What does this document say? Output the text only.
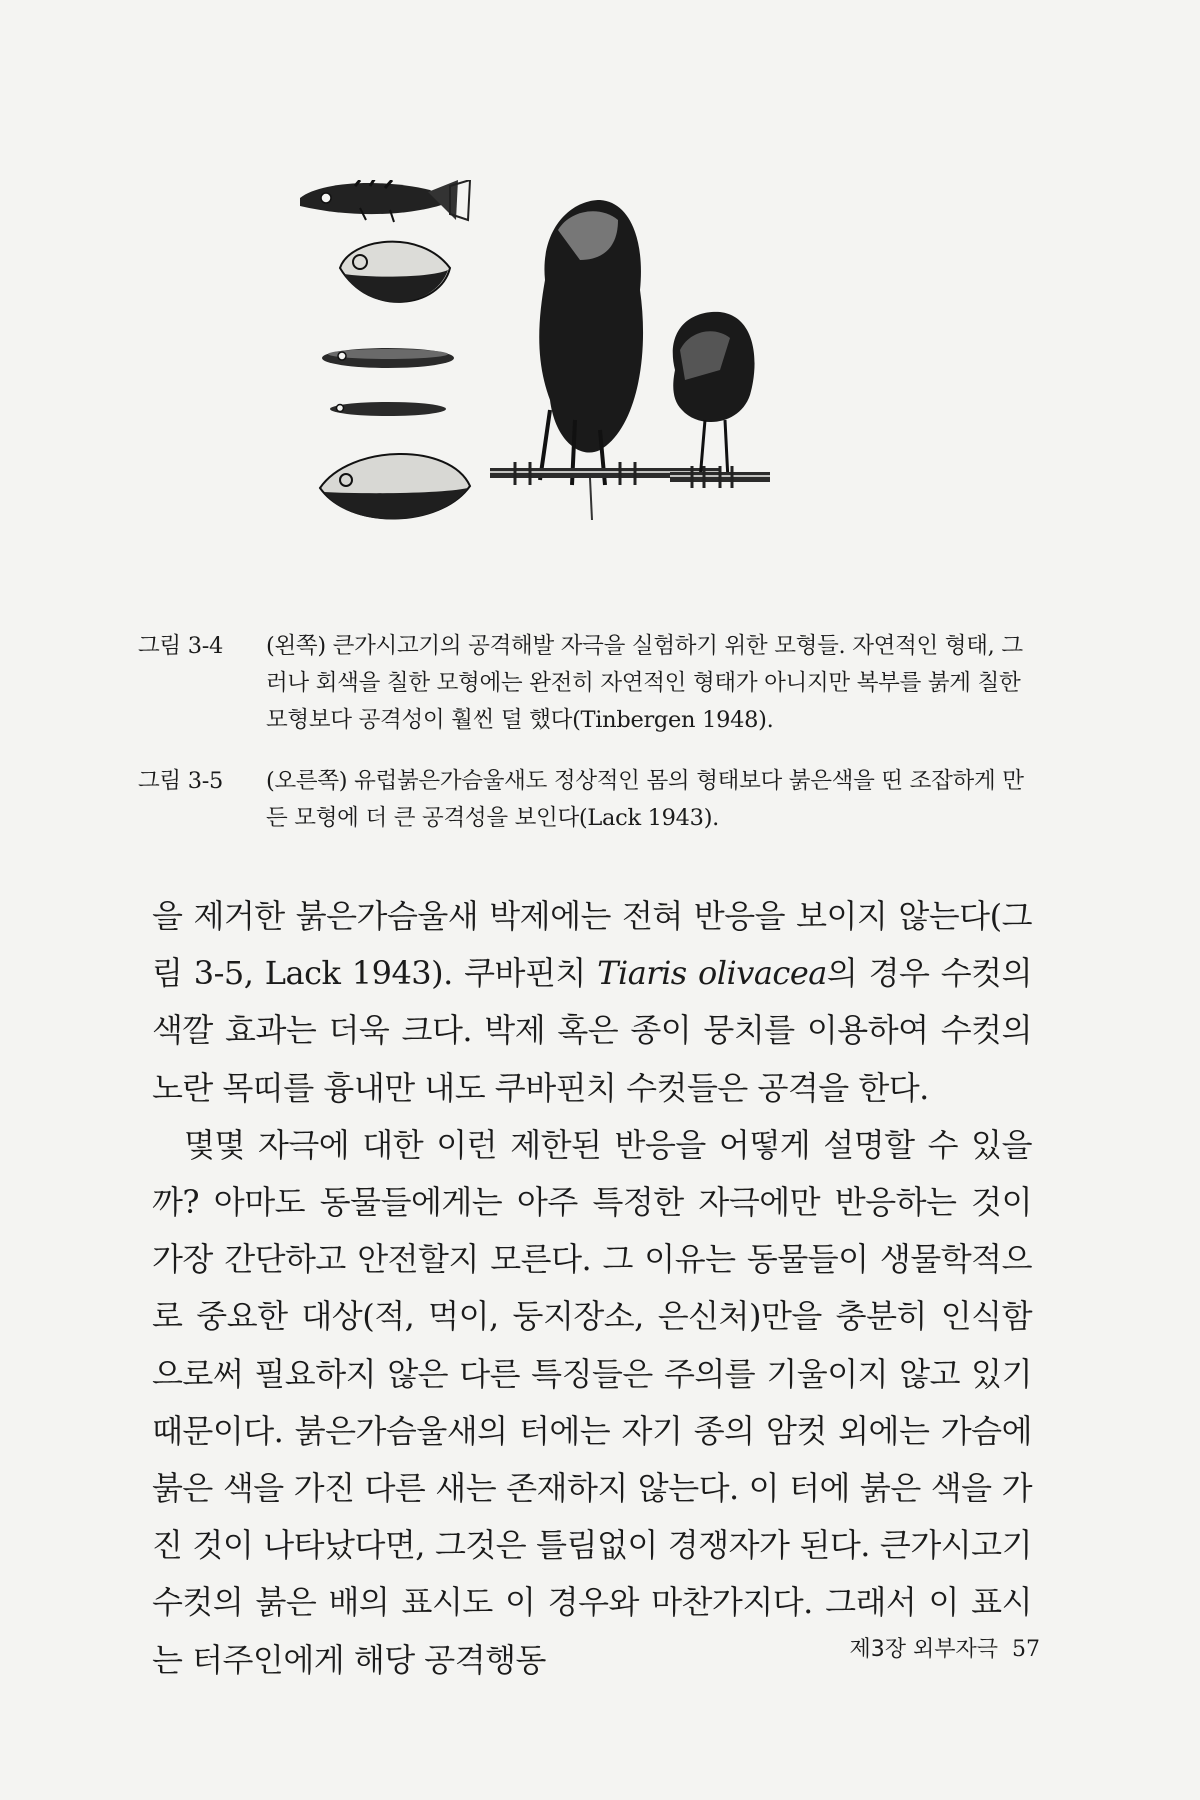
그림 3-4	(왼쪽) 큰가시고기의 공격해발 자극을 실험하기 위한 모형들. 자연적인 형태, 그러나 회색을 칠한 모형에는 완전히 자연적인 형태가 아니지만 복부를 붉게 칠한 모형보다 공격성이 훨씬 덜 했다(Tinbergen 1948).
그림 3-5	(오른쪽) 유럽붉은가슴울새도 정상적인 몸의 형태보다 붉은색을 띤 조잡하게 만든 모형에 더 큰 공격성을 보인다(Lack 1943).

을 제거한 붉은가슴울새 박제에는 전혀 반응을 보이지 않는다(그림 3-5, Lack 1943). 쿠바핀치 Tiaris olivacea의 경우 수컷의 색깔 효과는 더욱 크다. 박제 혹은 종이 뭉치를 이용하여 수컷의 노란 목띠를 흉내만 내도 쿠바핀치 수컷들은 공격을 한다.

몇몇 자극에 대한 이런 제한된 반응을 어떻게 설명할 수 있을까? 아마도 동물들에게는 아주 특정한 자극에만 반응하는 것이 가장 간단하고 안전할지 모른다. 그 이유는 동물들이 생물학적으로 중요한 대상(적, 먹이, 둥지장소, 은신처)만을 충분히 인식함으로써 필요하지 않은 다른 특징들은 주의를 기울이지 않고 있기 때문이다. 붉은가슴울새의 터에는 자기 종의 암컷 외에는 가슴에 붉은 색을 가진 다른 새는 존재하지 않는다. 이 터에 붉은 색을 가진 것이 나타났다면, 그것은 틀림없이 경쟁자가 된다. 큰가시고기 수컷의 붉은 배의 표시도 이 경우와 마찬가지다. 그래서 이 표시는 터주인에게 해당 공격행동	제3장 외부자극 57
